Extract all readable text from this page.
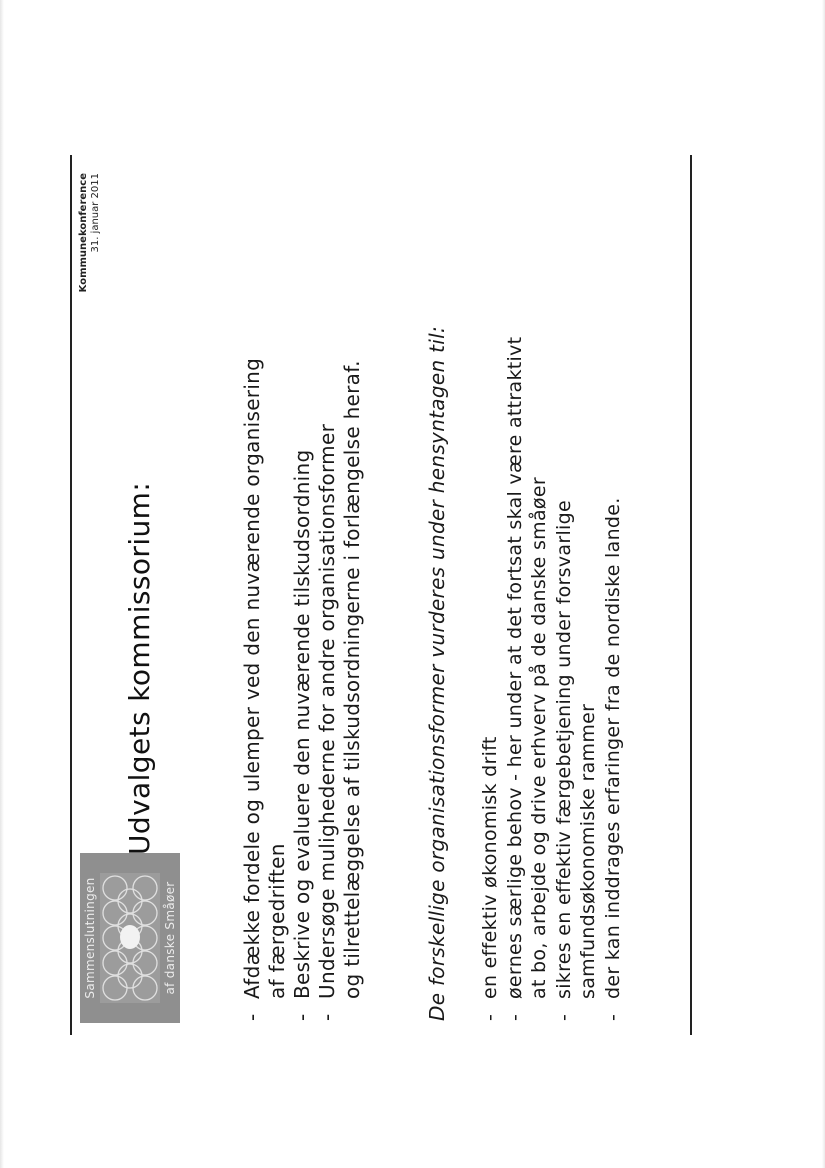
Sammenslutningen	af danske Småøer
Kommunekonference 31. januar 2011
Udvalgets kommissorium:
-Afdække fordele og ulemper ved den nuværende organisering af færgedriften
-Beskrive og evaluere den nuværende tilskudsordning
-Undersøge mulighederne for andre organisationsformer og tilrettelæggelse af tilskudsordningerne i forlængelse heraf.	De forskellige organisationsformer vurderes under hensyntagen til: -en effektiv økonomisk drift
-øernes særlige behov - her under at det fortsat skal være attraktivt at bo, arbejde og drive erhverv på de danske småøer
-sikres en effektiv færgebetjening under forsvarlige samfundsøkonomiske rammer
-der kan inddrages erfaringer fra de nordiske lande.
